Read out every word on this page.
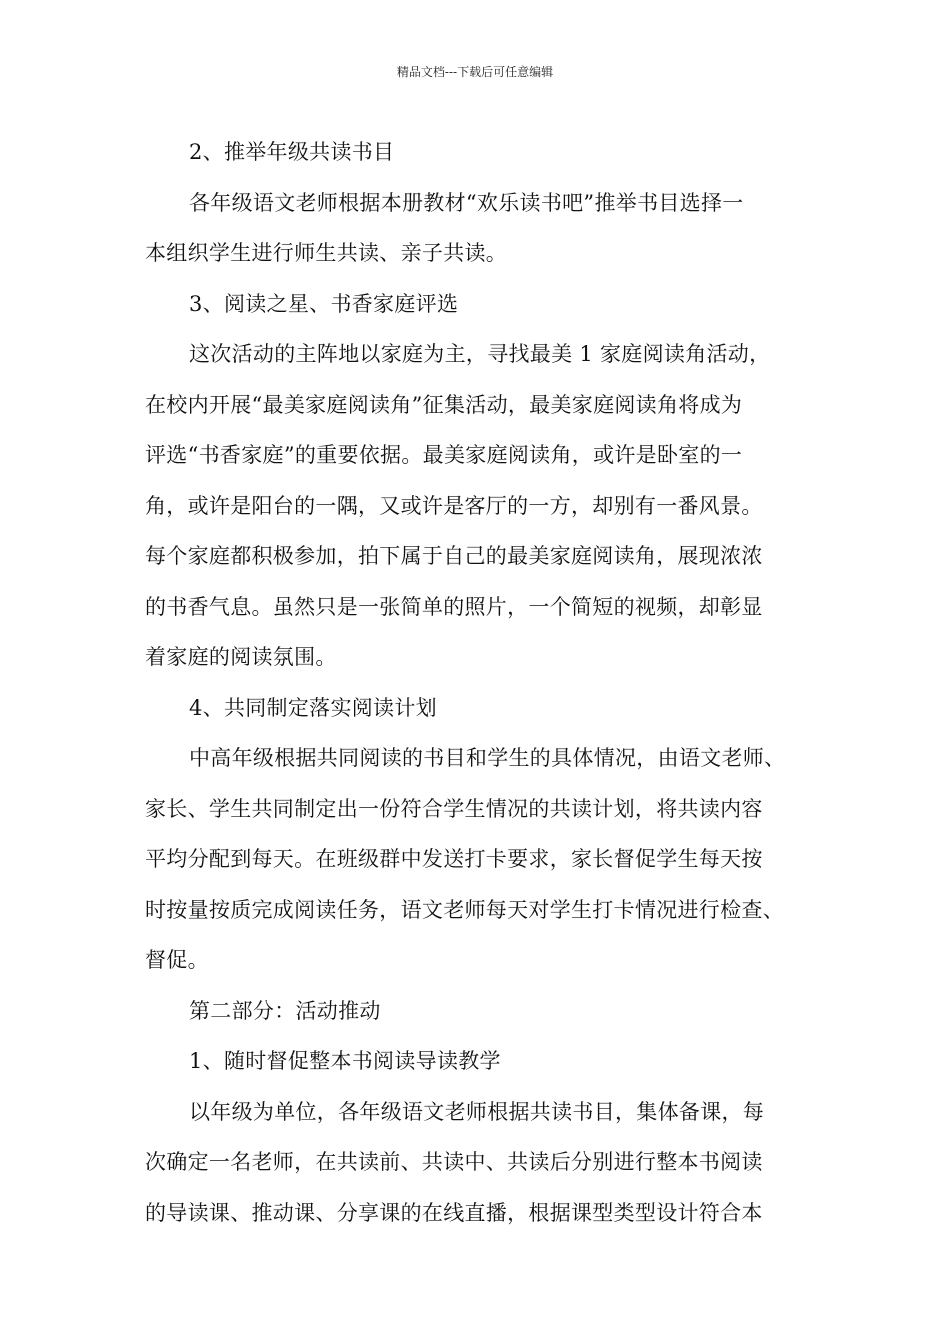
精品文档---下载后可任意编辑

2、推举年级共读书目

各年级语文老师根据本册教材“欢乐读书吧”推举书目选择一

本组织学生进行师生共读、亲子共读。

3、阅读之星、书香家庭评选

这次活动的主阵地以家庭为主，寻找最美 1 家庭阅读角活动，

在校内开展“最美家庭阅读角”征集活动，最美家庭阅读角将成为

评选“书香家庭”的重要依据。最美家庭阅读角，或许是卧室的一

角，或许是阳台的一隅，又或许是客厅的一方，却别有一番风景。

每个家庭都积极参加，拍下属于自己的最美家庭阅读角，展现浓浓

的书香气息。虽然只是一张简单的照片，一个简短的视频，却彰显

着家庭的阅读氛围。

4、共同制定落实阅读计划

中高年级根据共同阅读的书目和学生的具体情况，由语文老师、

家长、学生共同制定出一份符合学生情况的共读计划，将共读内容

平均分配到每天。在班级群中发送打卡要求，家长督促学生每天按

时按量按质完成阅读任务，语文老师每天对学生打卡情况进行检查、

督促。

第二部分：活动推动

1、随时督促整本书阅读导读教学

以年级为单位，各年级语文老师根据共读书目，集体备课，每

次确定一名老师，在共读前、共读中、共读后分别进行整本书阅读

的导读课、推动课、分享课的在线直播，根据课型类型设计符合本
